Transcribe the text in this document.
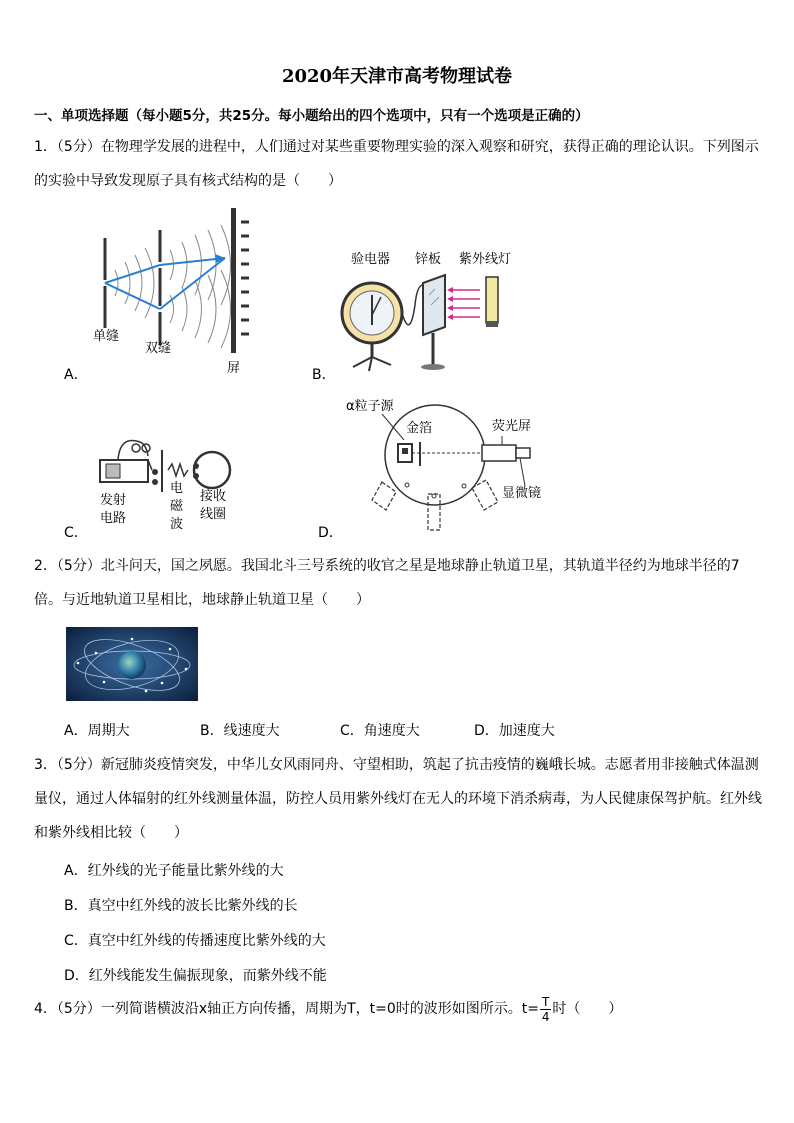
2020年天津市高考物理试卷
一、单项选择题（每小题5分，共25分。每小题给出的四个选项中，只有一个选项是正确的）
1．（5分）在物理学发展的进程中，人们通过对某些重要物理实验的深入观察和研究，获得正确的理论认识。下列图示的实验中导致发现原子具有核式结构的是（　　）
单缝
双缝
屏
A．
验电器 锌板 紫外线灯
B．
发射
电路
电
磁
波
接收
线圈
C．
α粒子源
金箔	荧光屏
显微镜
D．
2．（5分）北斗问天，国之夙愿。我国北斗三号系统的收官之星是地球静止轨道卫星，其轨道半径约为地球半径的7倍。与近地轨道卫星相比，地球静止轨道卫星（　　）
A．周期大	B．线速度大	C．角速度大	D．加速度大
3．（5分）新冠肺炎疫情突发，中华儿女风雨同舟、守望相助，筑起了抗击疫情的巍峨长城。志愿者用非接触式体温测量仪，通过人体辐射的红外线测量体温，防控人员用紫外线灯在无人的环境下消杀病毒，为人民健康保驾护航。红外线和紫外线相比较（　　）
A．红外线的光子能量比紫外线的大
B．真空中红外线的波长比紫外线的长
C．真空中红外线的传播速度比紫外线的大
D．红外线能发生偏振现象，而紫外线不能
4．（5分）一列简谐横波沿x轴正方向传播，周期为T，t=0时的波形如图所示。$t= \frac{T}{4}$ 时（　　）
